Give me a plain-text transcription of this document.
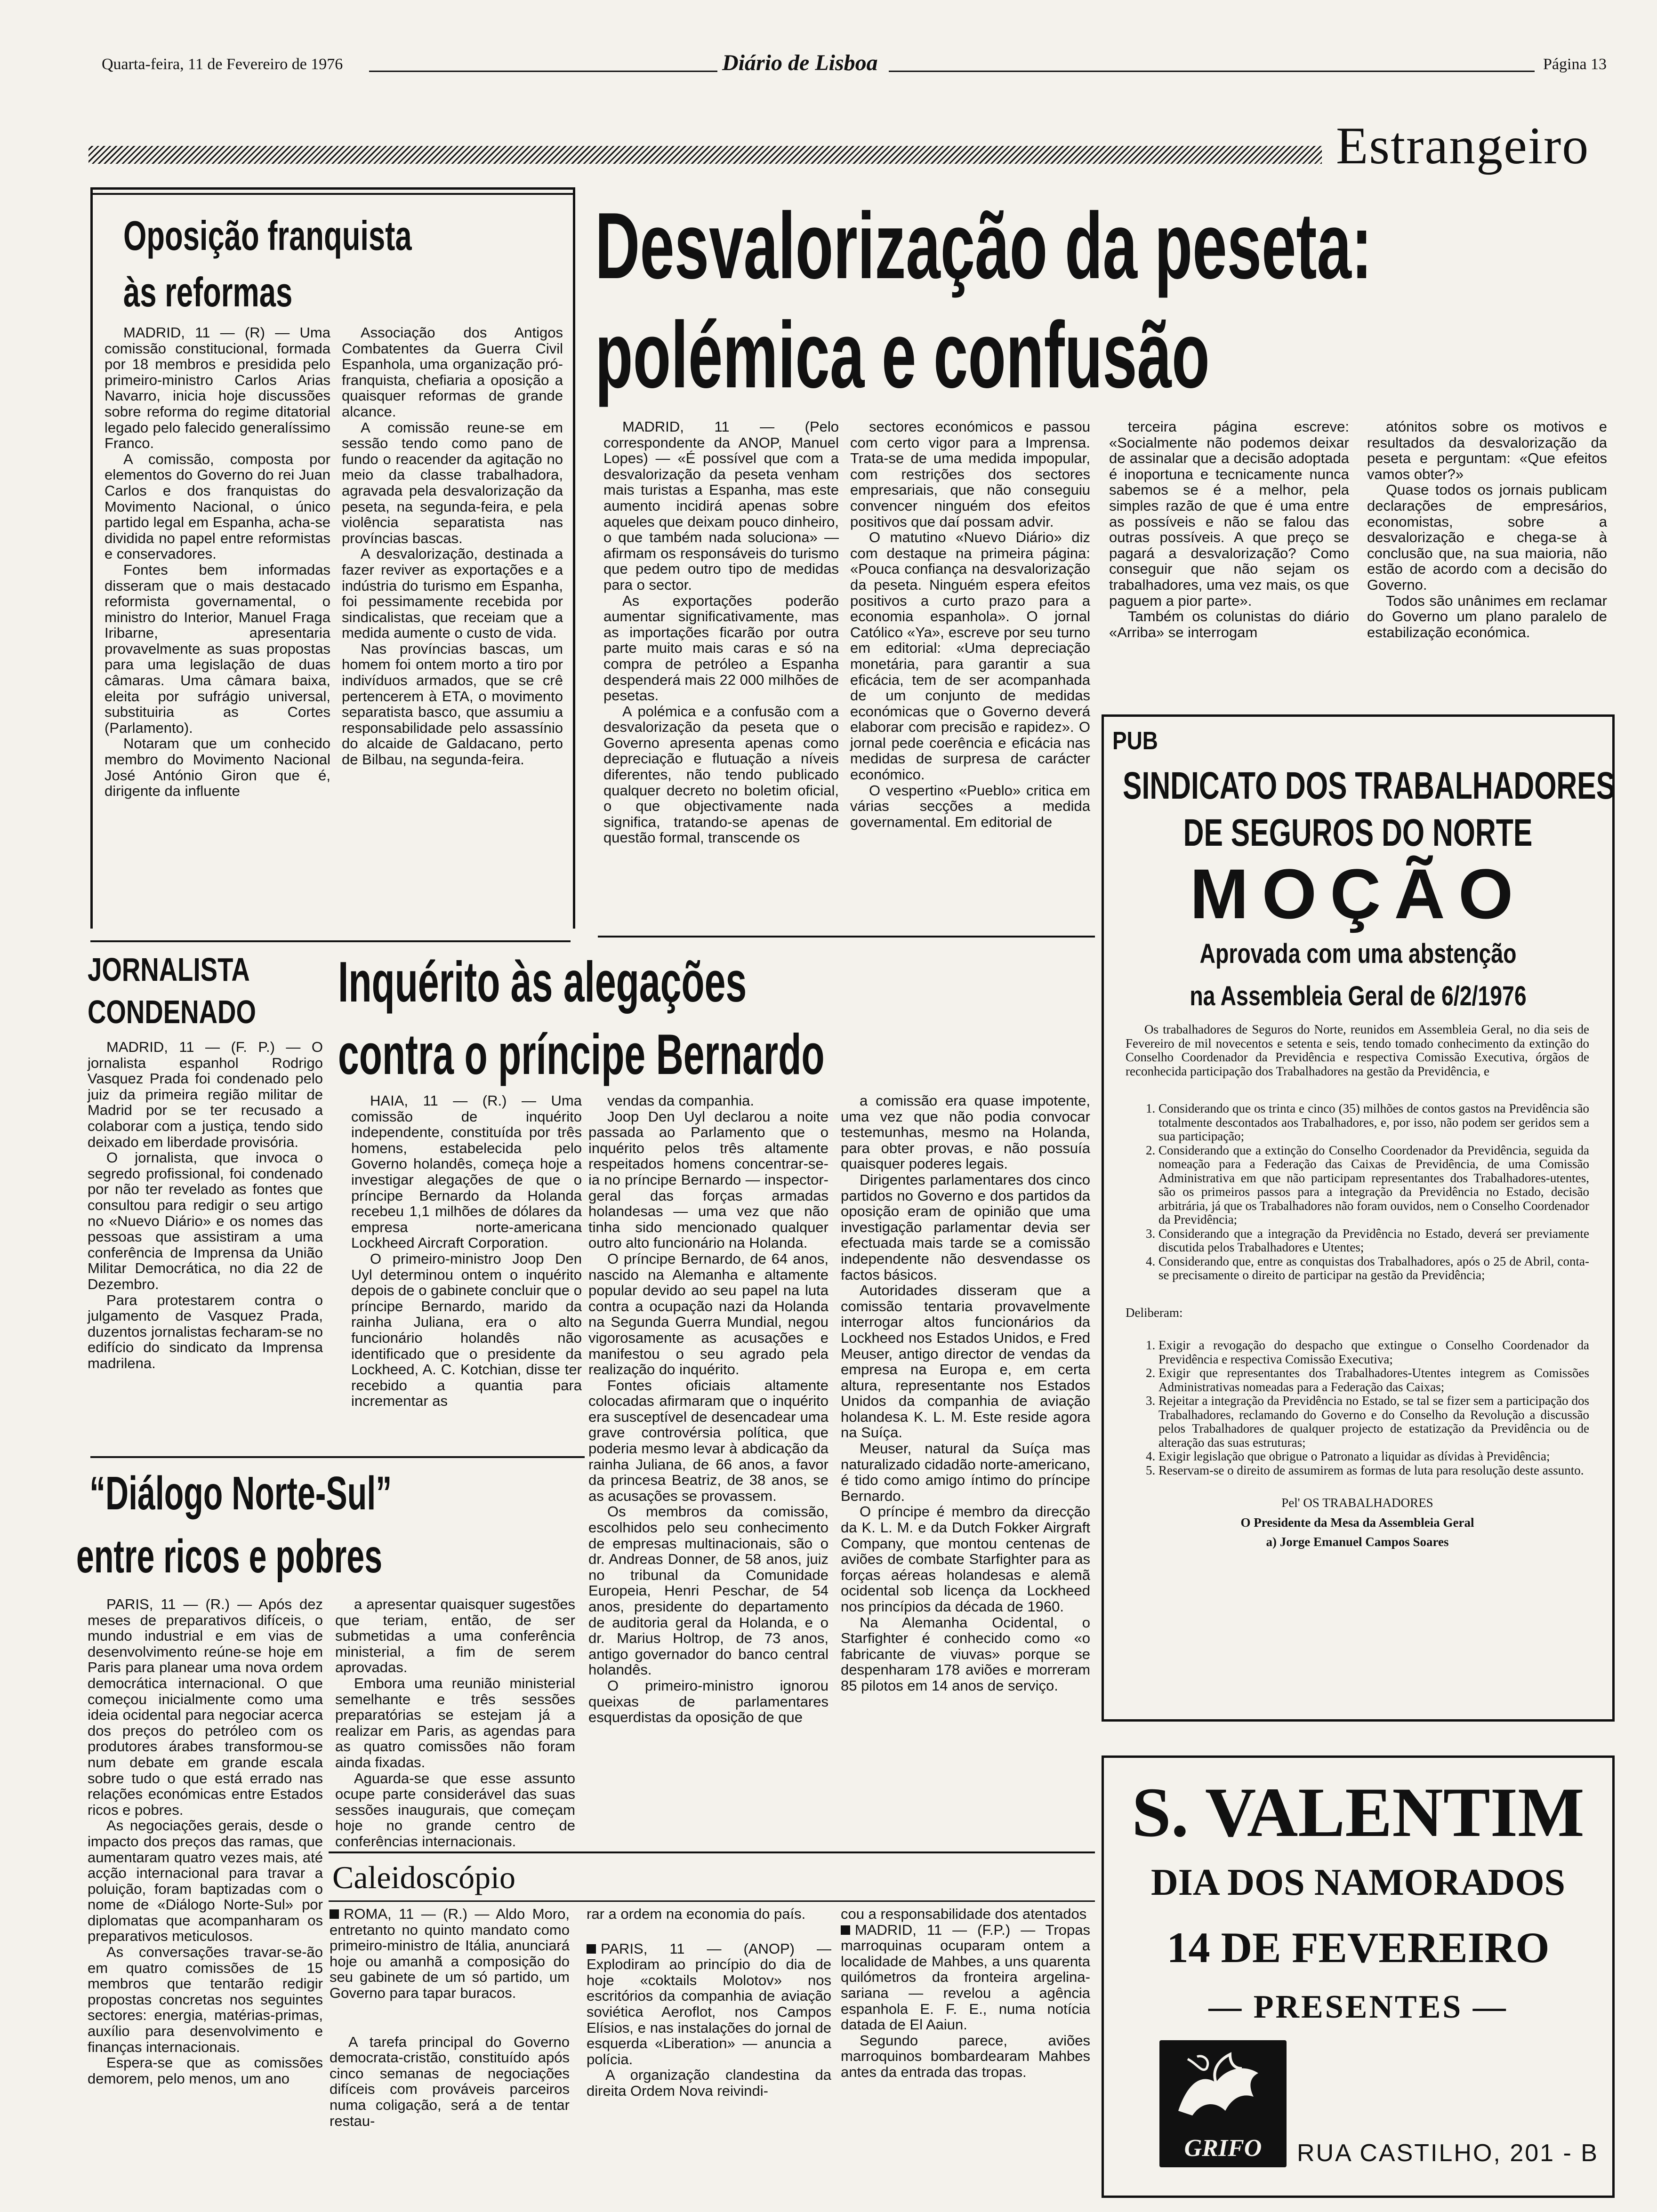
Quarta-feira, 11 de Fevereiro de 1976	Diário de Lisboa	Página 13
Estrangeiro
Oposição franquista
às reformas

MADRID, 11 — (R) — Uma comissão constitucional, formada por 18 membros e presidida pelo primeiro-ministro Carlos Arias Navarro, inicia hoje discussões sobre reforma do regime ditatorial legado pelo falecido generalíssimo Franco.

A comissão, composta por elementos do Governo do rei Juan Carlos e dos franquistas do Movimento Nacional, o único partido legal em Espanha, acha-se dividida no papel entre reformistas e conservadores.

Fontes bem informadas disseram que o mais destacado reformista governamental, o ministro do Interior, Manuel Fraga Iribarne, apresentaria provavelmente as suas propostas para uma legislação de duas câmaras. Uma câmara baixa, eleita por sufrágio universal, substituiria as Cortes (Parlamento).

Notaram que um conhecido membro do Movimento Nacional José António Giron que é, dirigente da influente

Associação dos Antigos Combatentes da Guerra Civil Espanhola, uma organização pró-franquista, chefiaria a oposição a quaisquer reformas de grande alcance.

A comissão reune-se em sessão tendo como pano de fundo o reacender da agitação no meio da classe trabalhadora, agravada pela desvalorização da peseta, na segunda-feira, e pela violência separatista nas províncias bascas.

A desvalorização, destinada a fazer reviver as exportações e a indústria do turismo em Espanha, foi pessimamente recebida por sindicalistas, que receiam que a medida aumente o custo de vida.

Nas províncias bascas, um homem foi ontem morto a tiro por indivíduos armados, que se crê pertencerem à ETA, o movimento separatista basco, que assumiu a responsabilidade pelo assassínio do alcaide de Galdacano, perto de Bilbau, na segunda-feira.

Desvalorização da peseta:
polémica e confusão

MADRID, 11 — (Pelo correspondente da ANOP, Manuel Lopes) — «É possível que com a desvalorização da peseta venham mais turistas a Espanha, mas este aumento incidirá apenas sobre aqueles que deixam pouco dinheiro, o que também nada soluciona» — afirmam os responsáveis do turismo que pedem outro tipo de medidas para o sector.

As exportações poderão aumentar significativamente, mas as importações ficarão por outra parte muito mais caras e só na compra de petróleo a Espanha despenderá mais 22 000 milhões de pesetas.

A polémica e a confusão com a desvalorização da peseta que o Governo apresenta apenas como depreciação e flutuação a níveis diferentes, não tendo publicado qualquer decreto no boletim oficial, o que objectivamente nada significa, tratando-se apenas de questão formal, transcende os

sectores económicos e passou com certo vigor para a Imprensa. Trata-se de uma medida impopular, com restrições dos sectores empresariais, que não conseguiu convencer ninguém dos efeitos positivos que daí possam advir.

O matutino «Nuevo Diário» diz com destaque na primeira página: «Pouca confiança na desvalorização da peseta. Ninguém espera efeitos positivos a curto prazo para a economia espanhola». O jornal Católico «Ya», escreve por seu turno em editorial: «Uma depreciação monetária, para garantir a sua eficácia, tem de ser acompanhada de um conjunto de medidas económicas que o Governo deverá elaborar com precisão e rapidez». O jornal pede coerência e eficácia nas medidas de surpresa de carácter económico.

O vespertino «Pueblo» critica em várias secções a medida governamental. Em editorial de

terceira página escreve: «Socialmente não podemos deixar de assinalar que a decisão adoptada é inoportuna e tecnicamente nunca sabemos se é a melhor, pela simples razão de que é uma entre as possíveis e não se falou das outras possíveis. A que preço se pagará a desvalorização? Como conseguir que não sejam os trabalhadores, uma vez mais, os que paguem a pior parte».

Também os colunistas do diário «Arriba» se interrogam

atónitos sobre os motivos e resultados da desvalorização da peseta e perguntam: «Que efeitos vamos obter?»

Quase todos os jornais publicam declarações de empresários, economistas, sobre a desvalorização e chega-se à conclusão que, na sua maioria, não estão de acordo com a decisão do Governo.

Todos são unânimes em reclamar do Governo um plano paralelo de estabilização económica.

JORNALISTA
CONDENADO

MADRID, 11 — (F. P.) — O jornalista espanhol Rodrigo Vasquez Prada foi condenado pelo juiz da primeira região militar de Madrid por se ter recusado a colaborar com a justiça, tendo sido deixado em liberdade provisória.

O jornalista, que invoca o segredo profissional, foi condenado por não ter revelado as fontes que consultou para redigir o seu artigo no «Nuevo Diário» e os nomes das pessoas que assistiram a uma conferência de Imprensa da União Militar Democrática, no dia 22 de Dezembro.

Para protestarem contra o julgamento de Vasquez Prada, duzentos jornalistas fecharam-se no edifício do sindicato da Imprensa madrilena.

Inquérito às alegações
contra o príncipe Bernardo

HAIA, 11 — (R.) — Uma comissão de inquérito independente, constituída por três homens, estabelecida pelo Governo holandês, começa hoje a investigar alegações de que o príncipe Bernardo da Holanda recebeu 1,1 milhões de dólares da empresa norte-americana Lockheed Aircraft Corporation.

O primeiro-ministro Joop Den Uyl determinou ontem o inquérito depois de o gabinete concluir que o príncipe Bernardo, marido da rainha Juliana, era o alto funcionário holandês não identificado que o presidente da Lockheed, A. C. Kotchian, disse ter recebido a quantia para incrementar as

vendas da companhia.

Joop Den Uyl declarou a noite passada ao Parlamento que o inquérito pelos três altamente respeitados homens concentrar-se-ia no príncipe Bernardo — inspector-geral das forças armadas holandesas — uma vez que não tinha sido mencionado qualquer outro alto funcionário na Holanda.

O príncipe Bernardo, de 64 anos, nascido na Alemanha e altamente popular devido ao seu papel na luta contra a ocupação nazi da Holanda na Segunda Guerra Mundial, negou vigorosamente as acusações e manifestou o seu agrado pela realização do inquérito.

Fontes oficiais altamente colocadas afirmaram que o inquérito era susceptível de desencadear uma grave controvérsia política, que poderia mesmo levar à abdicação da rainha Juliana, de 66 anos, a favor da princesa Beatriz, de 38 anos, se as acusações se provassem.

Os membros da comissão, escolhidos pelo seu conhecimento de empresas multinacionais, são o dr. Andreas Donner, de 58 anos, juiz no tribunal da Comunidade Europeia, Henri Peschar, de 54 anos, presidente do departamento de auditoria geral da Holanda, e o dr. Marius Holtrop, de 73 anos, antigo governador do banco central holandês.

O primeiro-ministro ignorou queixas de parlamentares esquerdistas da oposição de que

a comissão era quase impotente, uma vez que não podia convocar testemunhas, mesmo na Holanda, para obter provas, e não possuía quaisquer poderes legais.

Dirigentes parlamentares dos cinco partidos no Governo e dos partidos da oposição eram de opinião que uma investigação parlamentar devia ser efectuada mais tarde se a comissão independente não desvendasse os factos básicos.

Autoridades disseram que a comissão tentaria provavelmente interrogar altos funcionários da Lockheed nos Estados Unidos, e Fred Meuser, antigo director de vendas da empresa na Europa e, em certa altura, representante nos Estados Unidos da companhia de aviação holandesa K. L. M. Este reside agora na Suíça.

Meuser, natural da Suíça mas naturalizado cidadão norte-americano, é tido como amigo íntimo do príncipe Bernardo.

O príncipe é membro da direcção da K. L. M. e da Dutch Fokker Airgraft Company, que montou centenas de aviões de combate Starfighter para as forças aéreas holandesas e alemã ocidental sob licença da Lockheed nos princípios da década de 1960.

Na Alemanha Ocidental, o Starfighter é conhecido como «o fabricante de viuvas» porque se despenharam 178 aviões e morreram 85 pilotos em 14 anos de serviço.

“Diálogo Norte-Sul”
entre ricos e pobres

PARIS, 11 — (R.) — Após dez meses de preparativos difíceis, o mundo industrial e em vias de desenvolvimento reúne-se hoje em Paris para planear uma nova ordem democrática internacional. O que começou inicialmente como uma ideia ocidental para negociar acerca dos preços do petróleo com os produtores árabes transformou-se num debate em grande escala sobre tudo o que está errado nas relações económicas entre Estados ricos e pobres.

As negociações gerais, desde o impacto dos preços das ramas, que aumentaram quatro vezes mais, até acção internacional para travar a poluição, foram baptizadas com o nome de «Diálogo Norte-Sul» por diplomatas que acompanharam os preparativos meticulosos.

As conversações travar-se-ão em quatro comissões de 15 membros que tentarão redigir propostas concretas nos seguintes sectores: energia, matérias-primas, auxílio para desenvolvimento e finanças internacionais.

Espera-se que as comissões demorem, pelo menos, um ano

a apresentar quaisquer sugestões que teriam, então, de ser submetidas a uma conferência ministerial, a fim de serem aprovadas.

Embora uma reunião ministerial semelhante e três sessões preparatórias se estejam já a realizar em Paris, as agendas para as quatro comissões não foram ainda fixadas.

Aguarda-se que esse assunto ocupe parte considerável das suas sessões inaugurais, que começam hoje no grande centro de conferências internacionais.

Caleidoscópio

ROMA, 11 — (R.) — Aldo Moro, entretanto no quinto mandato como primeiro-ministro de Itália, anunciará hoje ou amanhã a composição do seu gabinete de um só partido, um Governo para tapar buracos.

A tarefa principal do Governo democrata-cristão, constituído após cinco semanas de negociações difíceis com prováveis parceiros numa coligação, será a de tentar restau-

rar a ordem na economia do país.

PARIS, 11 — (ANOP) — Explodiram ao princípio do dia de hoje «coktails Molotov» nos escritórios da companhia de aviação soviética Aeroflot, nos Campos Elísios, e nas instalações do jornal de esquerda «Liberation» — anuncia a polícia.

A organização clandestina da direita Ordem Nova reivindi-

cou a responsabilidade dos atentados

MADRID, 11 — (F.P.) — Tropas marroquinas ocuparam ontem a localidade de Mahbes, a uns quarenta quilómetros da fronteira argelina-sariana — revelou a agência espanhola E. F. E., numa notícia datada de El Aaiun.

Segundo parece, aviões marroquinos bombardearam Mahbes antes da entrada das tropas.

PUB
SINDICATO DOS TRABALHADORES
DE SEGUROS DO NORTE
MOÇÃO
Aprovada com uma abstenção
na Assembleia Geral de 6/2/1976

Os trabalhadores de Seguros do Norte, reunidos em Assembleia Geral, no dia seis de Fevereiro de mil novecentos e setenta e seis, tendo tomado conhecimento da extinção do Conselho Coordenador da Previdência e respectiva Comissão Executiva, órgãos de reconhecida participação dos Trabalhadores na gestão da Previdência, e

1. Considerando que os trinta e cinco (35) milhões de contos gastos na Previdência são totalmente descontados aos Trabalhadores, e, por isso, não podem ser geridos sem a sua participação;
2. Considerando que a extinção do Conselho Coordenador da Previdência, seguida da nomeação para a Federação das Caixas de Previdência, de uma Comissão Administrativa em que não participam representantes dos Trabalhadores-utentes, são os primeiros passos para a integração da Previdência no Estado, decisão arbitrária, já que os Trabalhadores não foram ouvidos, nem o Conselho Coordenador da Previdência;
3. Considerando que a integração da Previdência no Estado, deverá ser previamente discutida pelos Trabalhadores e Utentes;
4. Considerando que, entre as conquistas dos Trabalhadores, após o 25 de Abril, conta-se precisamente o direito de participar na gestão da Previdência;

Deliberam:

1. Exigir a revogação do despacho que extingue o Conselho Coordenador da Previdência e respectiva Comissão Executiva;
2. Exigir que representantes dos Trabalhadores-Utentes integrem as Comissões Administrativas nomeadas para a Federação das Caixas;
3. Rejeitar a integração da Previdência no Estado, se tal se fizer sem a participação dos Trabalhadores, reclamando do Governo e do Conselho da Revolução a discussão pelos Trabalhadores de qualquer projecto de estatização da Previdência ou de alteração das suas estruturas;
4. Exigir legislação que obrigue o Patronato a liquidar as dívidas à Previdência;
5. Reservam-se o direito de assumirem as formas de luta para resolução deste assunto.

Pel' OS TRABALHADORES

O Presidente da Mesa da Assembleia Geral

a) Jorge Emanuel Campos Soares

S. VALENTIM
DIA DOS NAMORADOS
14 DE FEVEREIRO
— PRESENTES —
GRIFO	RUA CASTILHO, 201 - B
